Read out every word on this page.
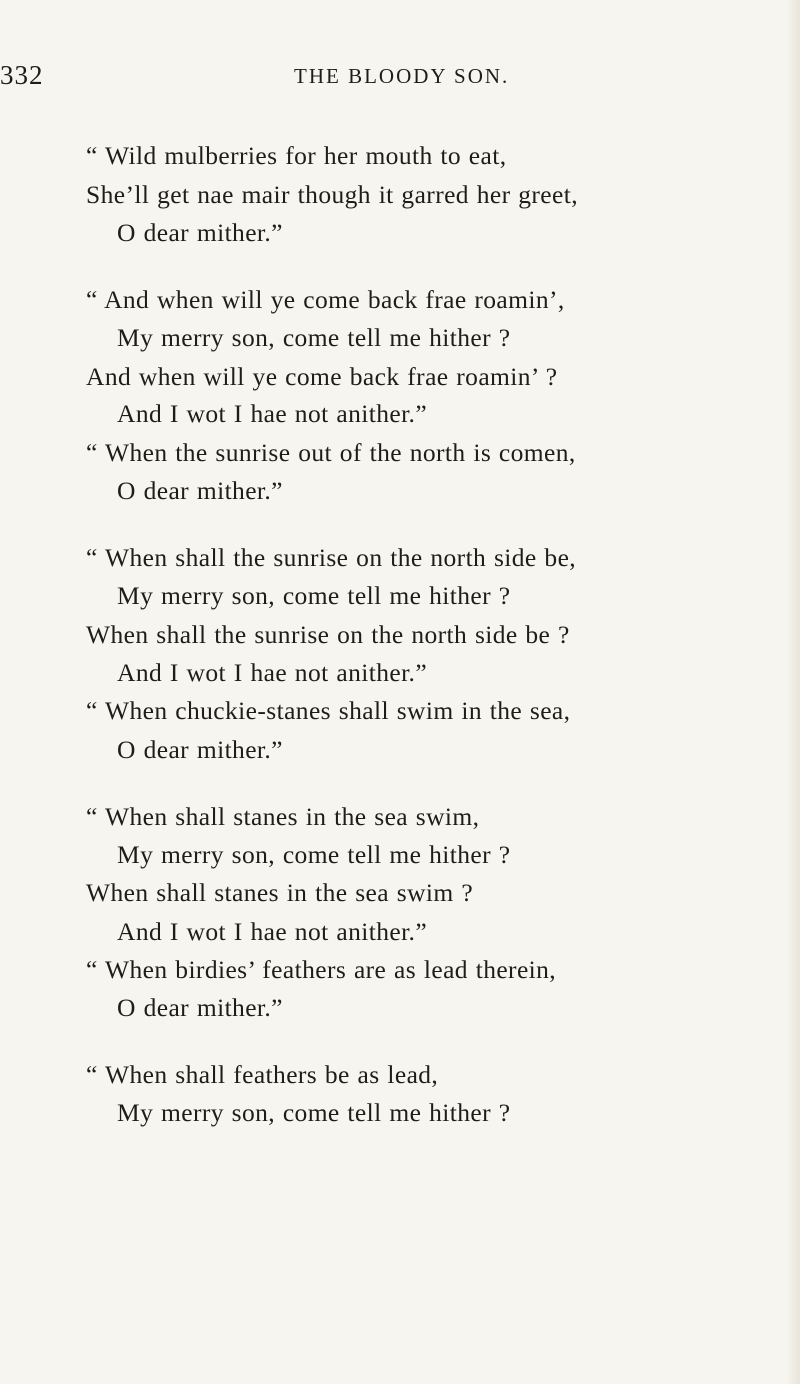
332	THE BLOODY SON.
“ Wild mulberries for her mouth to eat,
She’ll get nae mair though it garred her greet,
O dear mither.”
“ And when will ye come back frae roamin’,
My merry son, come tell me hither ?
And when will ye come back frae roamin’ ?
And I wot I hae not anither.”
“ When the sunrise out of the north is comen,
O dear mither.”
“ When shall the sunrise on the north side be,
My merry son, come tell me hither ?
When shall the sunrise on the north side be ?
And I wot I hae not anither.”
“ When chuckie-stanes shall swim in the sea,
O dear mither.”
“ When shall stanes in the sea swim,
My merry son, come tell me hither ?
When shall stanes in the sea swim ?
And I wot I hae not anither.”
“ When birdies’ feathers are as lead therein,
O dear mither.”
“ When shall feathers be as lead,
My merry son, come tell me hither ?
